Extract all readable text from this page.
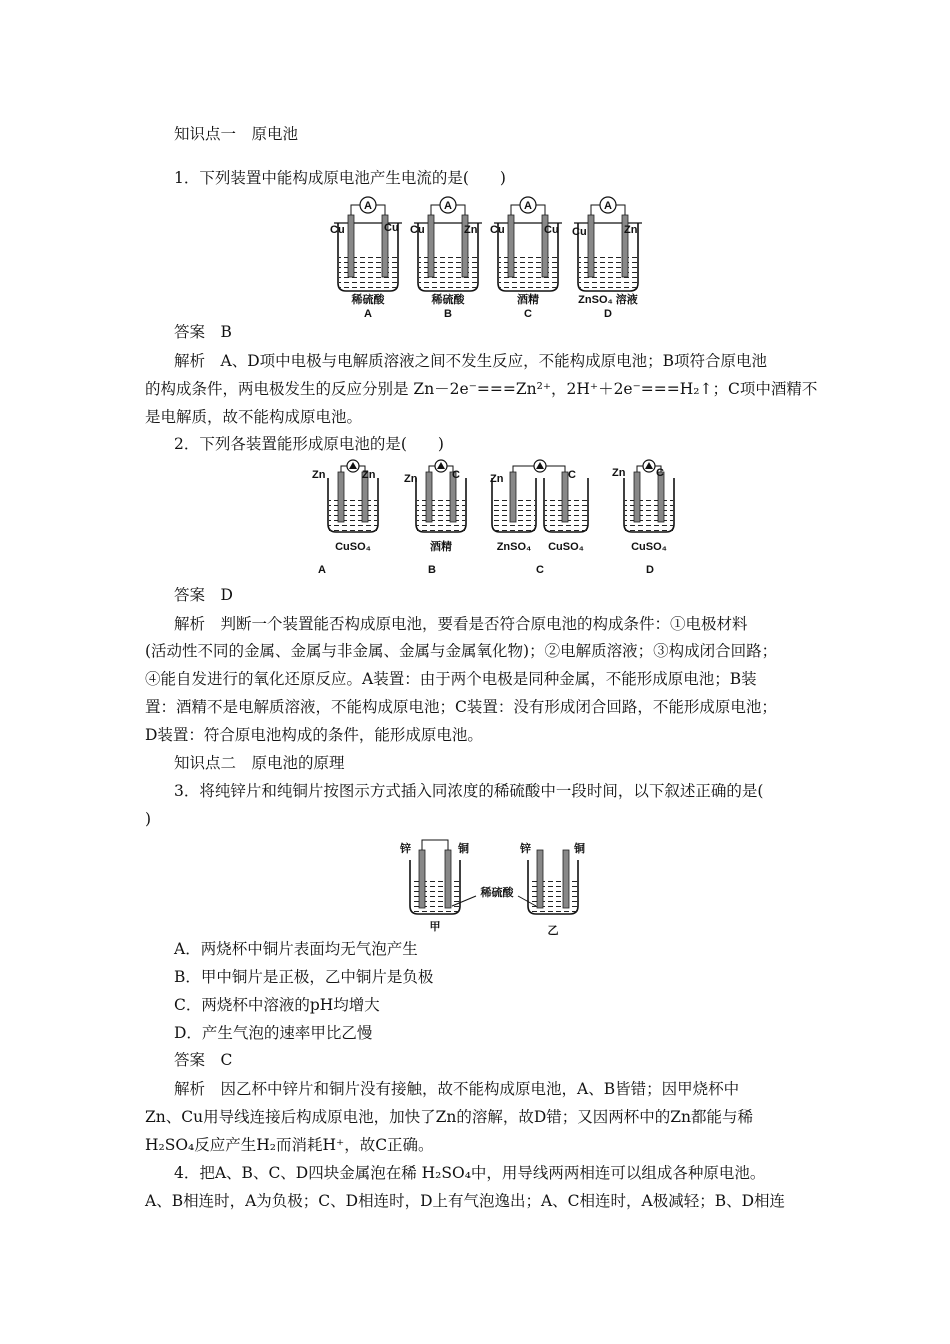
知识点一　原电池
1．下列装置中能构成原电池产生电流的是(　　)
A	A	A	A
Cu	Cu Cu	Zn Cu	Cu Cu	Zn
稀硫酸	稀硫酸	酒精	ZnSO₄ 溶液
A	B	C	D
答案　B
解析　A、D项中电极与电解质溶液之间不发生反应，不能构成原电池；B项符合原电池
的构成条件，两电极发生的反应分别是 Zn－2e⁻===Zn²⁺，2H⁺＋2e⁻===H₂↑；C项中酒精不
是电解质，故不能构成原电池。
2．下列各装置能形成原电池的是(　　)
Zn	Zn	Zn	C	Zn	C	Zn	C
CuSO₄	酒精	ZnSO₄ CuSO₄	CuSO₄
A	B	C	D
答案　D
解析　判断一个装置能否构成原电池，要看是否符合原电池的构成条件：①电极材料
(活动性不同的金属、金属与非金属、金属与金属氧化物)；②电解质溶液；③构成闭合回路；
④能自发进行的氧化还原反应。A装置：由于两个电极是同种金属，不能形成原电池；B装
置：酒精不是电解质溶液，不能构成原电池；C装置：没有形成闭合回路，不能形成原电池；
D装置：符合原电池构成的条件，能形成原电池。
知识点二　原电池的原理
3．将纯锌片和纯铜片按图示方式插入同浓度的稀硫酸中一段时间，以下叙述正确的是(
)
锌	铜	锌	铜
稀硫酸
甲	乙
A．两烧杯中铜片表面均无气泡产生
B．甲中铜片是正极，乙中铜片是负极
C．两烧杯中溶液的pH均增大
D．产生气泡的速率甲比乙慢
答案　C
解析　因乙杯中锌片和铜片没有接触，故不能构成原电池，A、B皆错；因甲烧杯中
Zn、Cu用导线连接后构成原电池，加快了Zn的溶解，故D错；又因两杯中的Zn都能与稀
H₂SO₄反应产生H₂而消耗H⁺，故C正确。
4．把A、B、C、D四块金属泡在稀 H₂SO₄中，用导线两两相连可以组成各种原电池。
A、B相连时，A为负极；C、D相连时，D上有气泡逸出；A、C相连时，A极减轻；B、D相连
